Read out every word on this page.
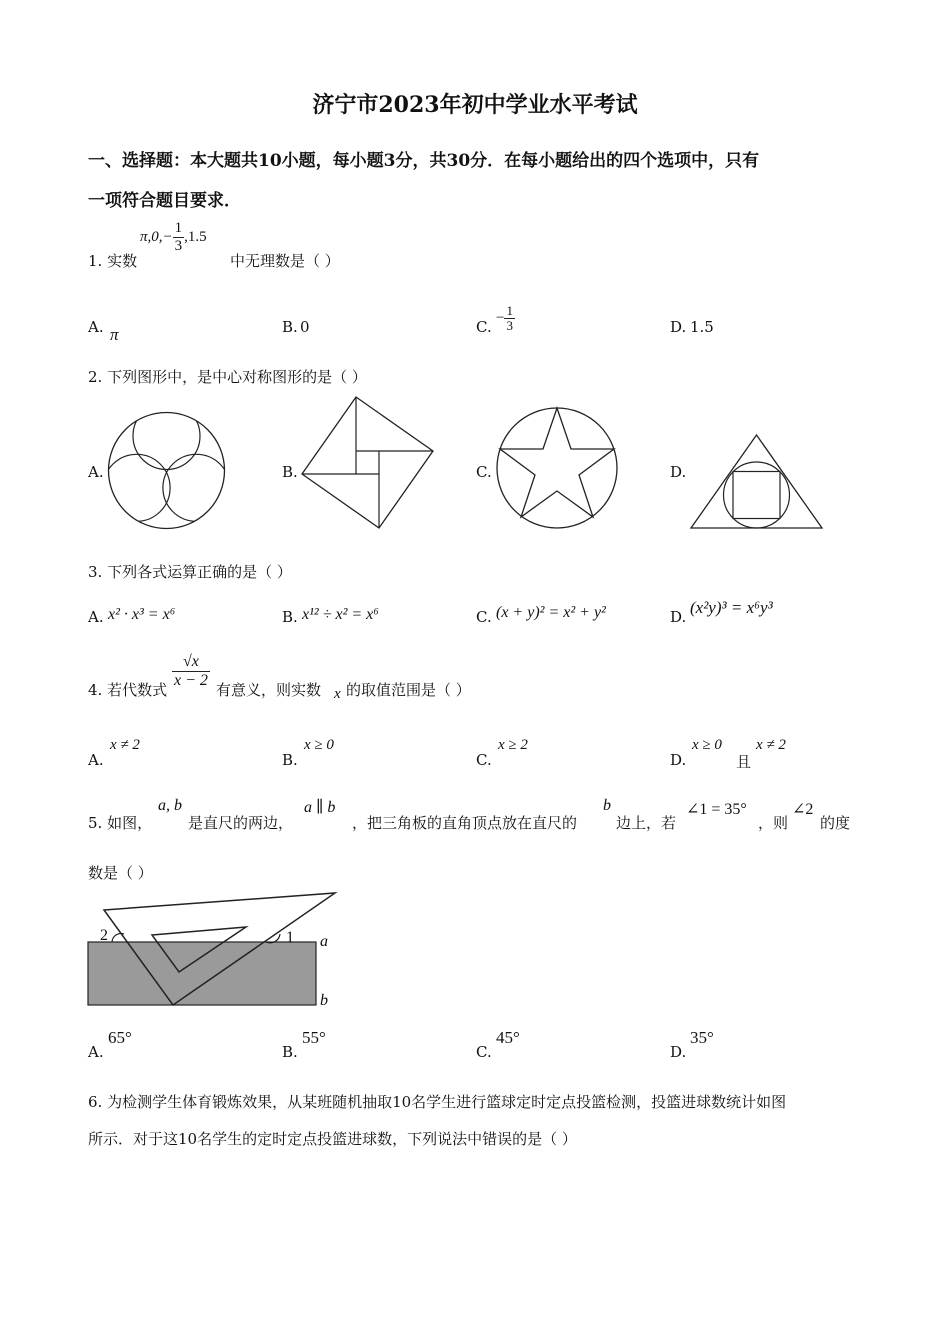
济宁市2023年初中学业水平考试
一、选择题：本大题共10小题，每小题3分，共30分．在每小题给出的四个选项中，只有
一项符合题目要求．
1. 实数
$\pi,0,- \frac{1}{3} ,1.5$
中无理数是（ ）
A. π	B. 0	C. − $\frac{1}{3}$	D. 1.5
2. 下列图形中，是中心对称图形的是（ ）
A.	B.	C.	D.
3. 下列各式运算正确的是（ ）
A. x² · x³ = x⁶	B. x¹² ÷ x² = x⁶	C. (x + y)² = x² + y²	D. (x²y)³ = x⁶y³
4. 若代数式
$\frac{√x}{x - 2}$
有意义，则实数 x 的取值范围是（ ）
A.
x ≠ 2
B.
x ≥ 0
C.
x ≥ 2
D.
x ≥ 0
且
x ≠ 2
5. 如图，
a, b
是直尺的两边，
a ∥ b
，把三角板的直角顶点放在直尺的
b
边上，若
∠1 = 35°
，则
∠2
的度
数是（ ）
2	1 a
b
A.
65°
B.
55°
C.
45°
D.
35°
6. 为检测学生体育锻炼效果，从某班随机抽取10名学生进行篮球定时定点投篮检测，投篮进球数统计如图
所示．对于这10名学生的定时定点投篮进球数，下列说法中错误的是（ ）
